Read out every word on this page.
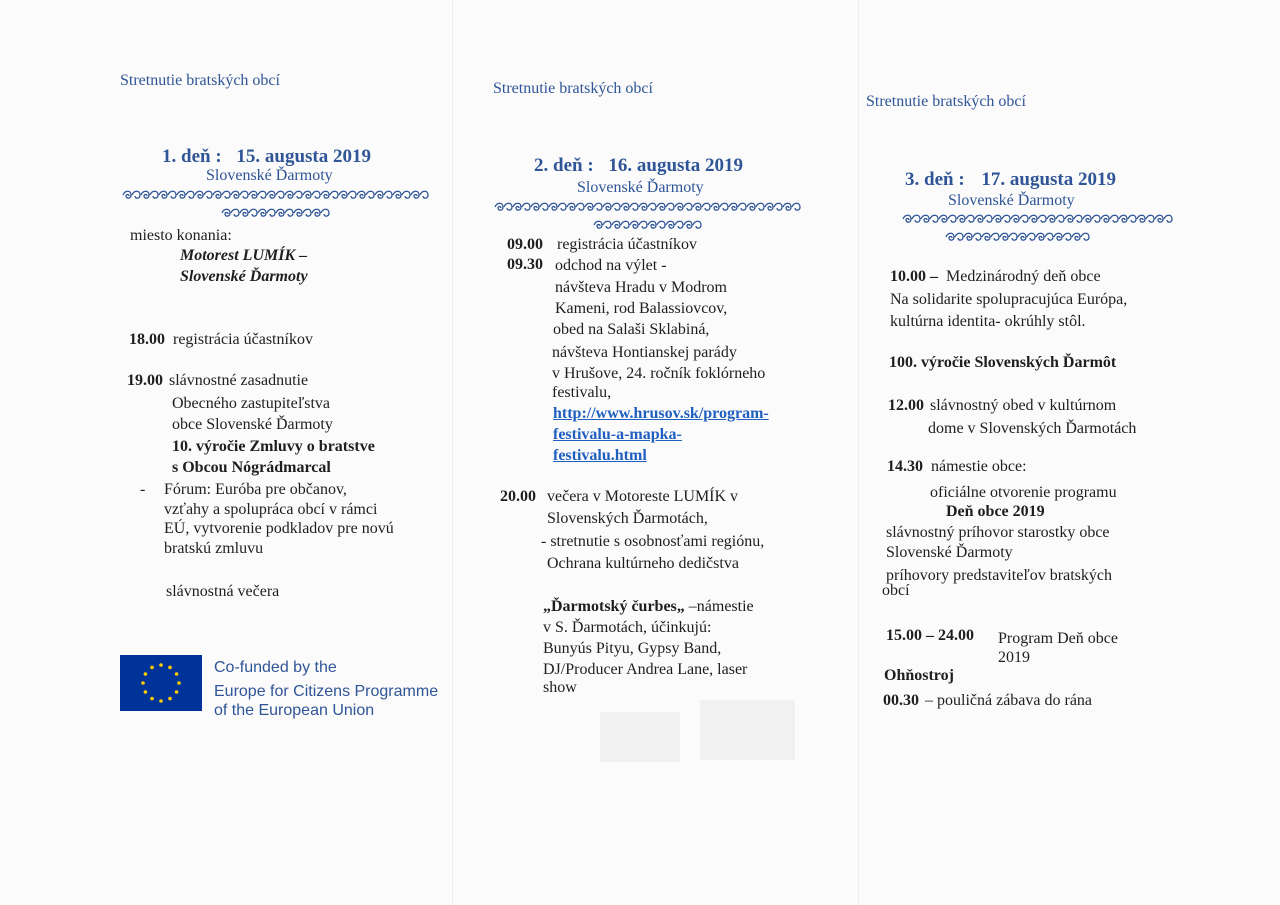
Stretnutie bratských obcí
1. deň : 15. augusta 2019
Slovenské Ďarmoty
miesto konania:
Motorest LUMÍK –
Slovenské Ďarmoty
18.00 registrácia účastníkov
19.00 slávnostné zasadnutie
Obecného zastupiteľstva
obce Slovenské Ďarmoty
10. výročie Zmluvy o bratstve
s Obcou Nógrádmarcal
- Fórum: Euróba pre občanov,
vzťahy a spolupráca obcí v rámci
EÚ, vytvorenie podkladov pre novú
bratskú zmluvu
slávnostná večera
Co-funded by the
Europe for Citizens Programme
of the European Union
Stretnutie bratských obcí
2. deň : 16. augusta 2019
Slovenské Ďarmoty
09.00 registrácia účastníkov
09.30 odchod na výlet -
návšteva Hradu v Modrom
Kameni, rod Balassiovcov,
obed na Salaši Sklabiná,
návšteva Hontianskej parády
v Hrušove, 24. ročník foklórneho
festivalu,
http://www.hrusov.sk/program-
festivalu-a-mapka-
festivalu.html
20.00 večera v Motoreste LUMÍK v
Slovenských Ďarmotách,
- stretnutie s osobnosťami regiónu,
Ochrana kultúrneho dedičstva
„Ďarmotský čurbes„ –námestie
v S. Ďarmotách, účinkujú:
Bunyús Pityu, Gypsy Band,
DJ/Producer Andrea Lane, laser
show
Stretnutie bratských obcí
3. deň : 17. augusta 2019
Slovenské Ďarmoty
10.00 – Medzinárodný deň obce
Na solidarite spolupracujúca Európa,
kultúrna identita- okrúhly stôl.
100. výročie Slovenských Ďarmôt
12.00 slávnostný obed v kultúrnom
dome v Slovenských Ďarmotách
14.30 námestie obce:
oficiálne otvorenie programu
Deň obce 2019
slávnostný príhovor starostky obce
Slovenské Ďarmoty
príhovory predstaviteľov bratských
obcí
15.00 – 24.00 Program Deň obce
2019
Ohňostroj
00.30 – pouličná zábava do rána
